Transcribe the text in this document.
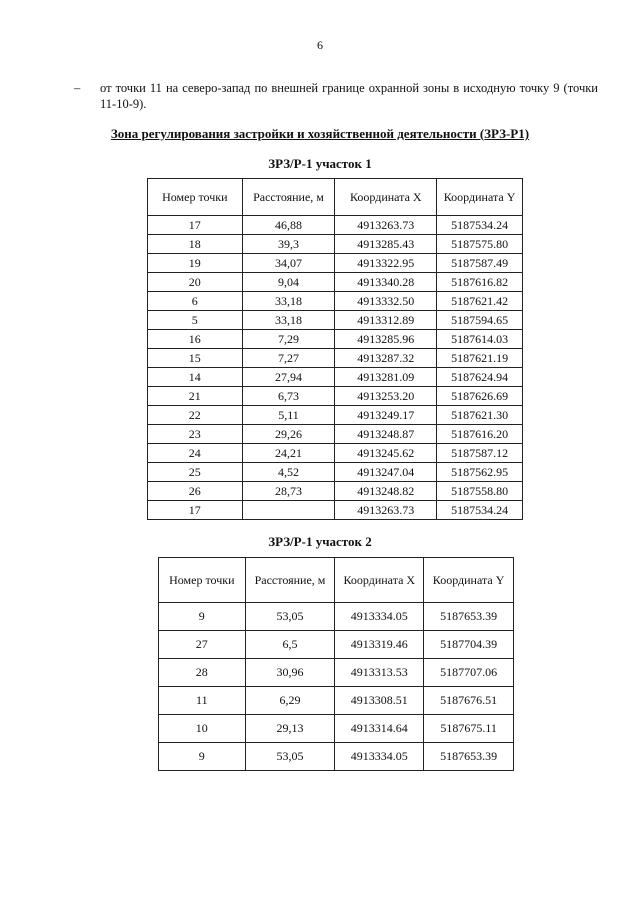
6
– от точки 11 на северо-запад по внешней границе охранной зоны в исходную точку 9 (точки 11-10-9).
Зона регулирования застройки и хозяйственной деятельности (ЗРЗ-Р1)
ЗРЗ/Р-1 участок 1
Номер точки	Расстояние, м	Координата X	Координата Y
17	46,88	4913263.73	5187534.24
18	39,3	4913285.43	5187575.80
19	34,07	4913322.95	5187587.49
20	9,04	4913340.28	5187616.82
6	33,18	4913332.50	5187621.42
5	33,18	4913312.89	5187594.65
16	7,29	4913285.96	5187614.03
15	7,27	4913287.32	5187621.19
14	27,94	4913281.09	5187624.94
21	6,73	4913253.20	5187626.69
22	5,11	4913249.17	5187621.30
23	29,26	4913248.87	5187616.20
24	24,21	4913245.62	5187587.12
25	4,52	4913247.04	5187562.95
26	28,73	4913248.82	5187558.80
17		4913263.73	5187534.24
ЗРЗ/Р-1 участок 2
Номер точки	Расстояние, м	Координата X	Координата Y
9	53,05	4913334.05	5187653.39
27	6,5	4913319.46	5187704.39
28	30,96	4913313.53	5187707.06
11	6,29	4913308.51	5187676.51
10	29,13	4913314.64	5187675.11
9	53,05	4913334.05	5187653.39
